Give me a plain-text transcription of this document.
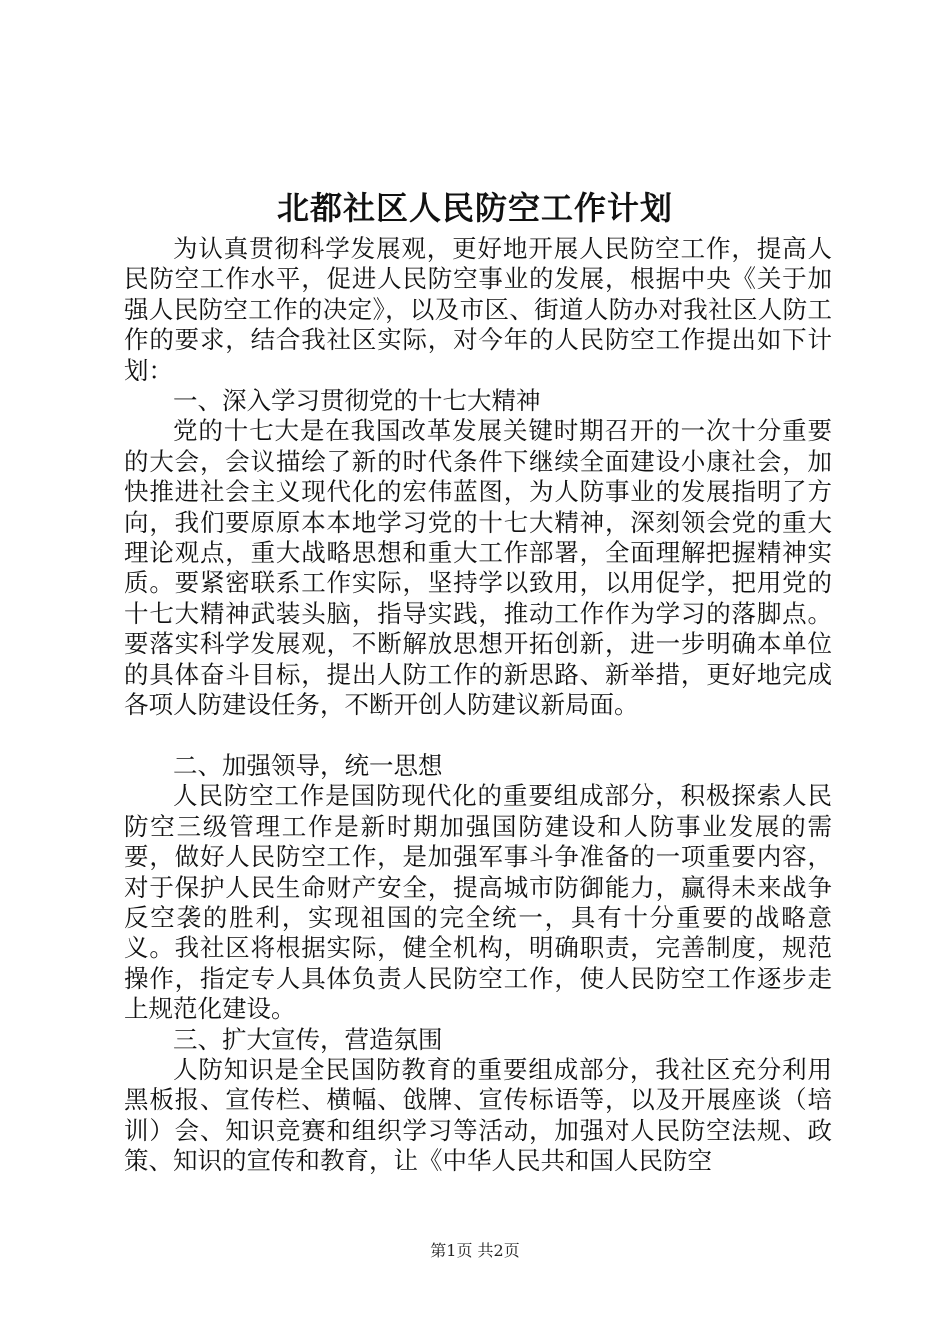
北都社区人民防空工作计划

为认真贯彻科学发展观，更好地开展人民防空工作，提高人民防空工作水平，促进人民防空事业的发展，根据中央《关于加强人民防空工作的决定》，以及市区、街道人防办对我社区人防工作的要求，结合我社区实际，对今年的人民防空工作提出如下计划：

一、深入学习贯彻党的十七大精神

党的十七大是在我国改革发展关键时期召开的一次十分重要的大会，会议描绘了新的时代条件下继续全面建设小康社会，加快推进社会主义现代化的宏伟蓝图，为人防事业的发展指明了方向，我们要原原本本地学习党的十七大精神，深刻领会党的重大理论观点，重大战略思想和重大工作部署，全面理解把握精神实质。要紧密联系工作实际，坚持学以致用，以用促学，把用党的十七大精神武装头脑，指导实践，推动工作作为学习的落脚点。要落实科学发展观，不断解放思想开拓创新，进一步明确本单位的具体奋斗目标，提出人防工作的新思路、新举措，更好地完成各项人防建设任务，不断开创人防建议新局面。

二、加强领导，统一思想

人民防空工作是国防现代化的重要组成部分，积极探索人民防空三级管理工作是新时期加强国防建设和人防事业发展的需要，做好人民防空工作，是加强军事斗争准备的一项重要内容，对于保护人民生命财产安全，提高城市防御能力，赢得未来战争反空袭的胜利，实现祖国的完全统一，具有十分重要的战略意义。我社区将根据实际，健全机构，明确职责，完善制度，规范操作，指定专人具体负责人民防空工作，使人民防空工作逐步走上规范化建设。

三、扩大宣传，营造氛围

人防知识是全民国防教育的重要组成部分，我社区充分利用黑板报、宣传栏、横幅、戗牌、宣传标语等，以及开展座谈（培训）会、知识竞赛和组织学习等活动，加强对人民防空法规、政策、知识的宣传和教育，让《中华人民共和国人民防空

第1页 共2页
